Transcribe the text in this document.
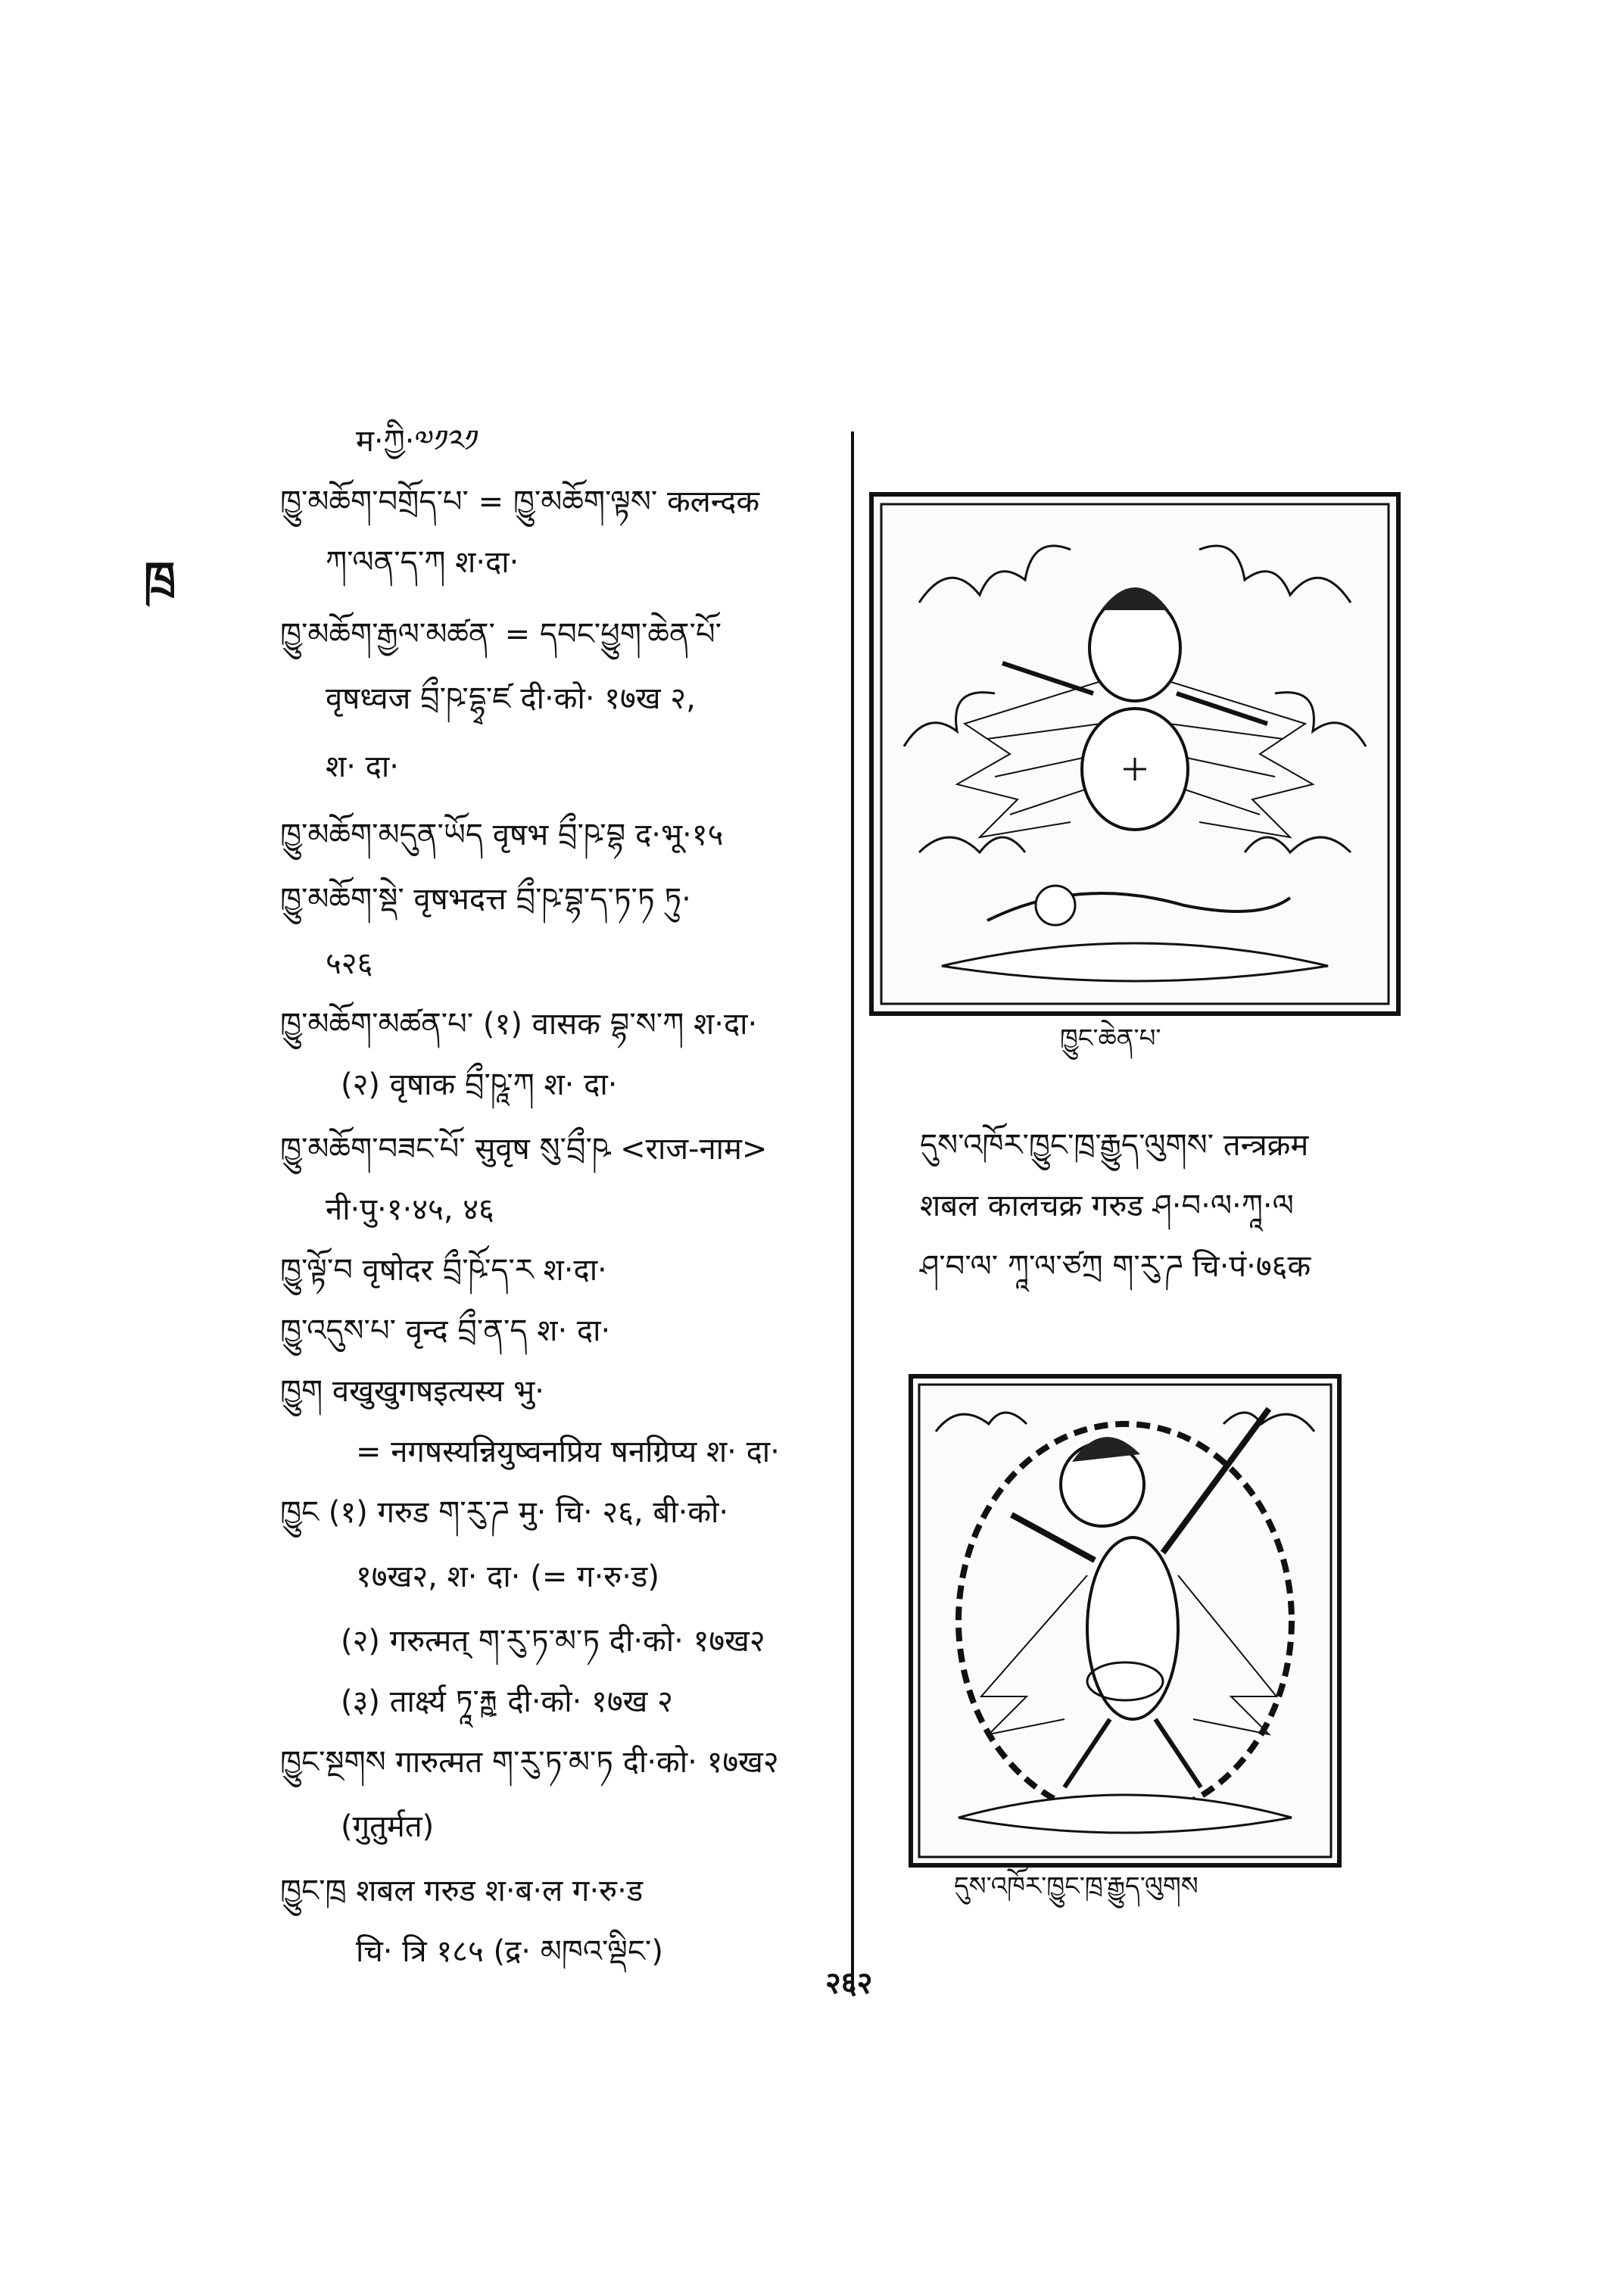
ཁྲ
म·ཀྱི·༧༡༢༡
ཁྱུ་མཆོག་བགྲོད་པ་ = ཁྱུ་མཆོག་ལྟས་ कलन्दक
ཀ་ལན་ད་ཀ श·दा·
ཁྱུ་མཆོག་རྒྱལ་མཚན་ = དབང་ཕྱུག་ཆེན་པོ་
वृषध्वज བྲྀ་ཥ་དྷྭ་ཛ दी·को· १७ख २,
श· दा·
ཁྱུ་མཆོག་མདུན་ཡོད वृषभ བྲྀ་ཥ་བྷ द·भू·१५
ཁྱུ་མཆོག་སྡེ་ वृषभदत्त བྲྀ་ཥ་བྷ་ད་ཏ་ཏ ཏུ·
५२६
ཁྱུ་མཆོག་མཚན་པ་ (१) वासक བྷ་ས་ཀ श·दा·
(२) वृषाक བྲྀ་ཥཱ་ཀ श· दा·
ཁྱུ་མཆོག་བཟང་པོ་ सुवृष སུ་བྲྀ་ཥ <राज-नाम>
नी·पु·१·४५, ४६
ཁྱུ་ལྟོ་བ वृषोदर བྲྀ་ཥོ་ད་ར श·दा·
ཁྱུ་འདུས་པ་ वृन्द བྲྀ་ན་ད श· दा·
ཁྱུག वखुखुगषइत्यस्य भु·
= नगषस्यन्नियुष्वनप्रिय षनग्रिप्य श· दा·
ཁྱུང (१) गरुड ག་རུ་ཌ मु· चि· २६, बी·को·
१७ख२, श· दा· (= ग·रु·ड)
(२) गरुत्मत् ག་རུ་ཏ་མ་ཏ दी·को· १७ख२
(३) तार्क्ष्य ཏཱ་རྐྵ दी·को· १७ख २
ཁྱུང་སྔགས गारुत्मत ག་རུ་ཏ་མ་ཏ दी·को· १७ख२
(गुतुर्मत)
ཁྱུང་ཁྲ शबल गरुड श·ब·ल ग·रु·ड
चि· त्रि १८५ (द्र· མཁའ་ལྡིང་)
ཁྱུང་ཆེན་པ་
དུས་འཁོར་ཁྱུང་ཁྲ་རྒྱུད་ལུགས་ तन्त्रक्रम
शबल कालचक्र गरुड ཤ·བ·ལ·ཀཱ·ལ
ཤ་བ་ལ་ ཀཱ་ལ་ཙཀྲ ག་རུ་ཌ चि·पं·७६क
དུས་འཁོར་ཁྱུང་ཁྲ་རྒྱུད་ལུགས
२६२
